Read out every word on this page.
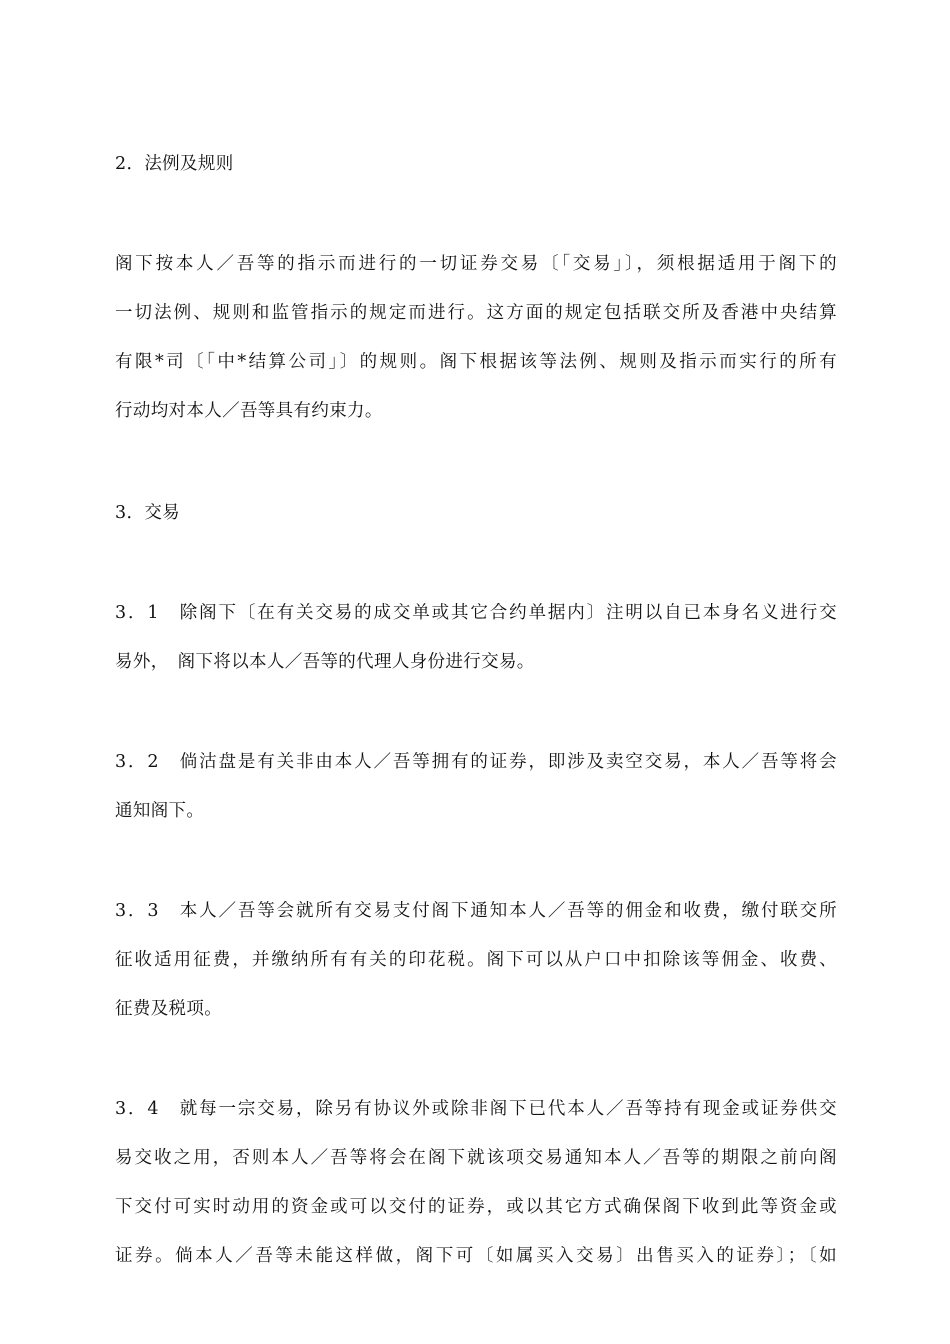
2．法例及规则
阁下按本人／吾等的指示而进行的一切证券交易〔「交易」〕，须根据适用于阁下的
一切法例、规则和监管指示的规定而进行。这方面的规定包括联交所及香港中央结算
有限*司〔「中*结算公司」〕的规则。阁下根据该等法例、规则及指示而实行的所有
行动均对本人／吾等具有约束力。
3．交易
3．1　除阁下〔在有关交易的成交单或其它合约单据内〕注明以自已本身名义进行交
易外，　阁下将以本人／吾等的代理人身份进行交易。
3．2　倘沽盘是有关非由本人／吾等拥有的证券，即涉及卖空交易，本人／吾等将会
通知阁下。
3．3　本人／吾等会就所有交易支付阁下通知本人／吾等的佣金和收费，缴付联交所
征收适用征费，并缴纳所有有关的印花税。阁下可以从户口中扣除该等佣金、收费、
征费及税项。
3．4　就每一宗交易，除另有协议外或除非阁下已代本人／吾等持有现金或证券供交
易交收之用，否则本人／吾等将会在阁下就该项交易通知本人／吾等的期限之前向阁
下交付可实时动用的资金或可以交付的证券，或以其它方式确保阁下收到此等资金或
证券。倘本人／吾等未能这样做，阁下可〔如属买入交易〕出售买入的证券〕；〔如
